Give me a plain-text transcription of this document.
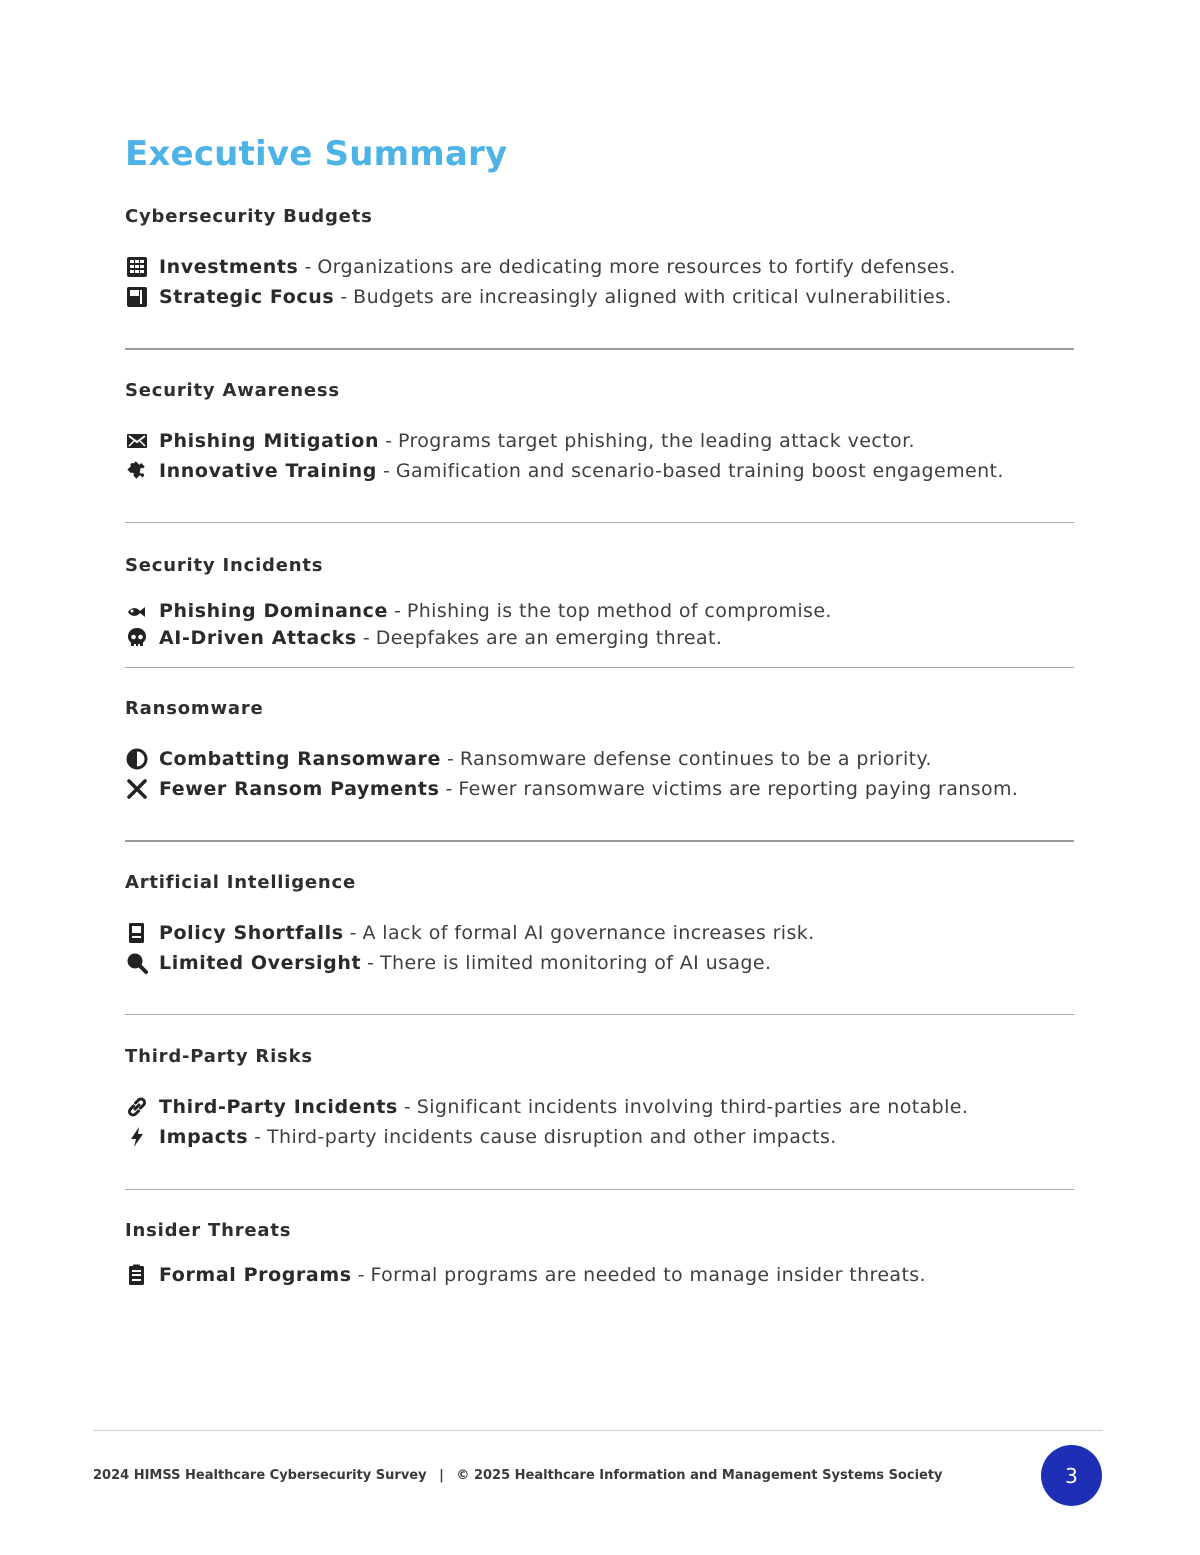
Executive Summary
Cybersecurity Budgets
Investments - Organizations are dedicating more resources to fortify defenses.
Strategic Focus - Budgets are increasingly aligned with critical vulnerabilities.
Security Awareness
Phishing Mitigation - Programs target phishing, the leading attack vector.
Innovative Training - Gamification and scenario-based training boost engagement.
Security Incidents
Phishing Dominance - Phishing is the top method of compromise.
AI-Driven Attacks - Deepfakes are an emerging threat.
Ransomware
Combatting Ransomware - Ransomware defense continues to be a priority.
Fewer Ransom Payments - Fewer ransomware victims are reporting paying ransom.
Artificial Intelligence
Policy Shortfalls - A lack of formal AI governance increases risk.
Limited Oversight - There is limited monitoring of AI usage.
Third-Party Risks
Third-Party Incidents - Significant incidents involving third-parties are notable.
Impacts - Third-party incidents cause disruption and other impacts.
Insider Threats
Formal Programs - Formal programs are needed to manage insider threats.
2024 HIMSS Healthcare Cybersecurity Survey | © 2025 Healthcare Information and Management Systems Society	3
